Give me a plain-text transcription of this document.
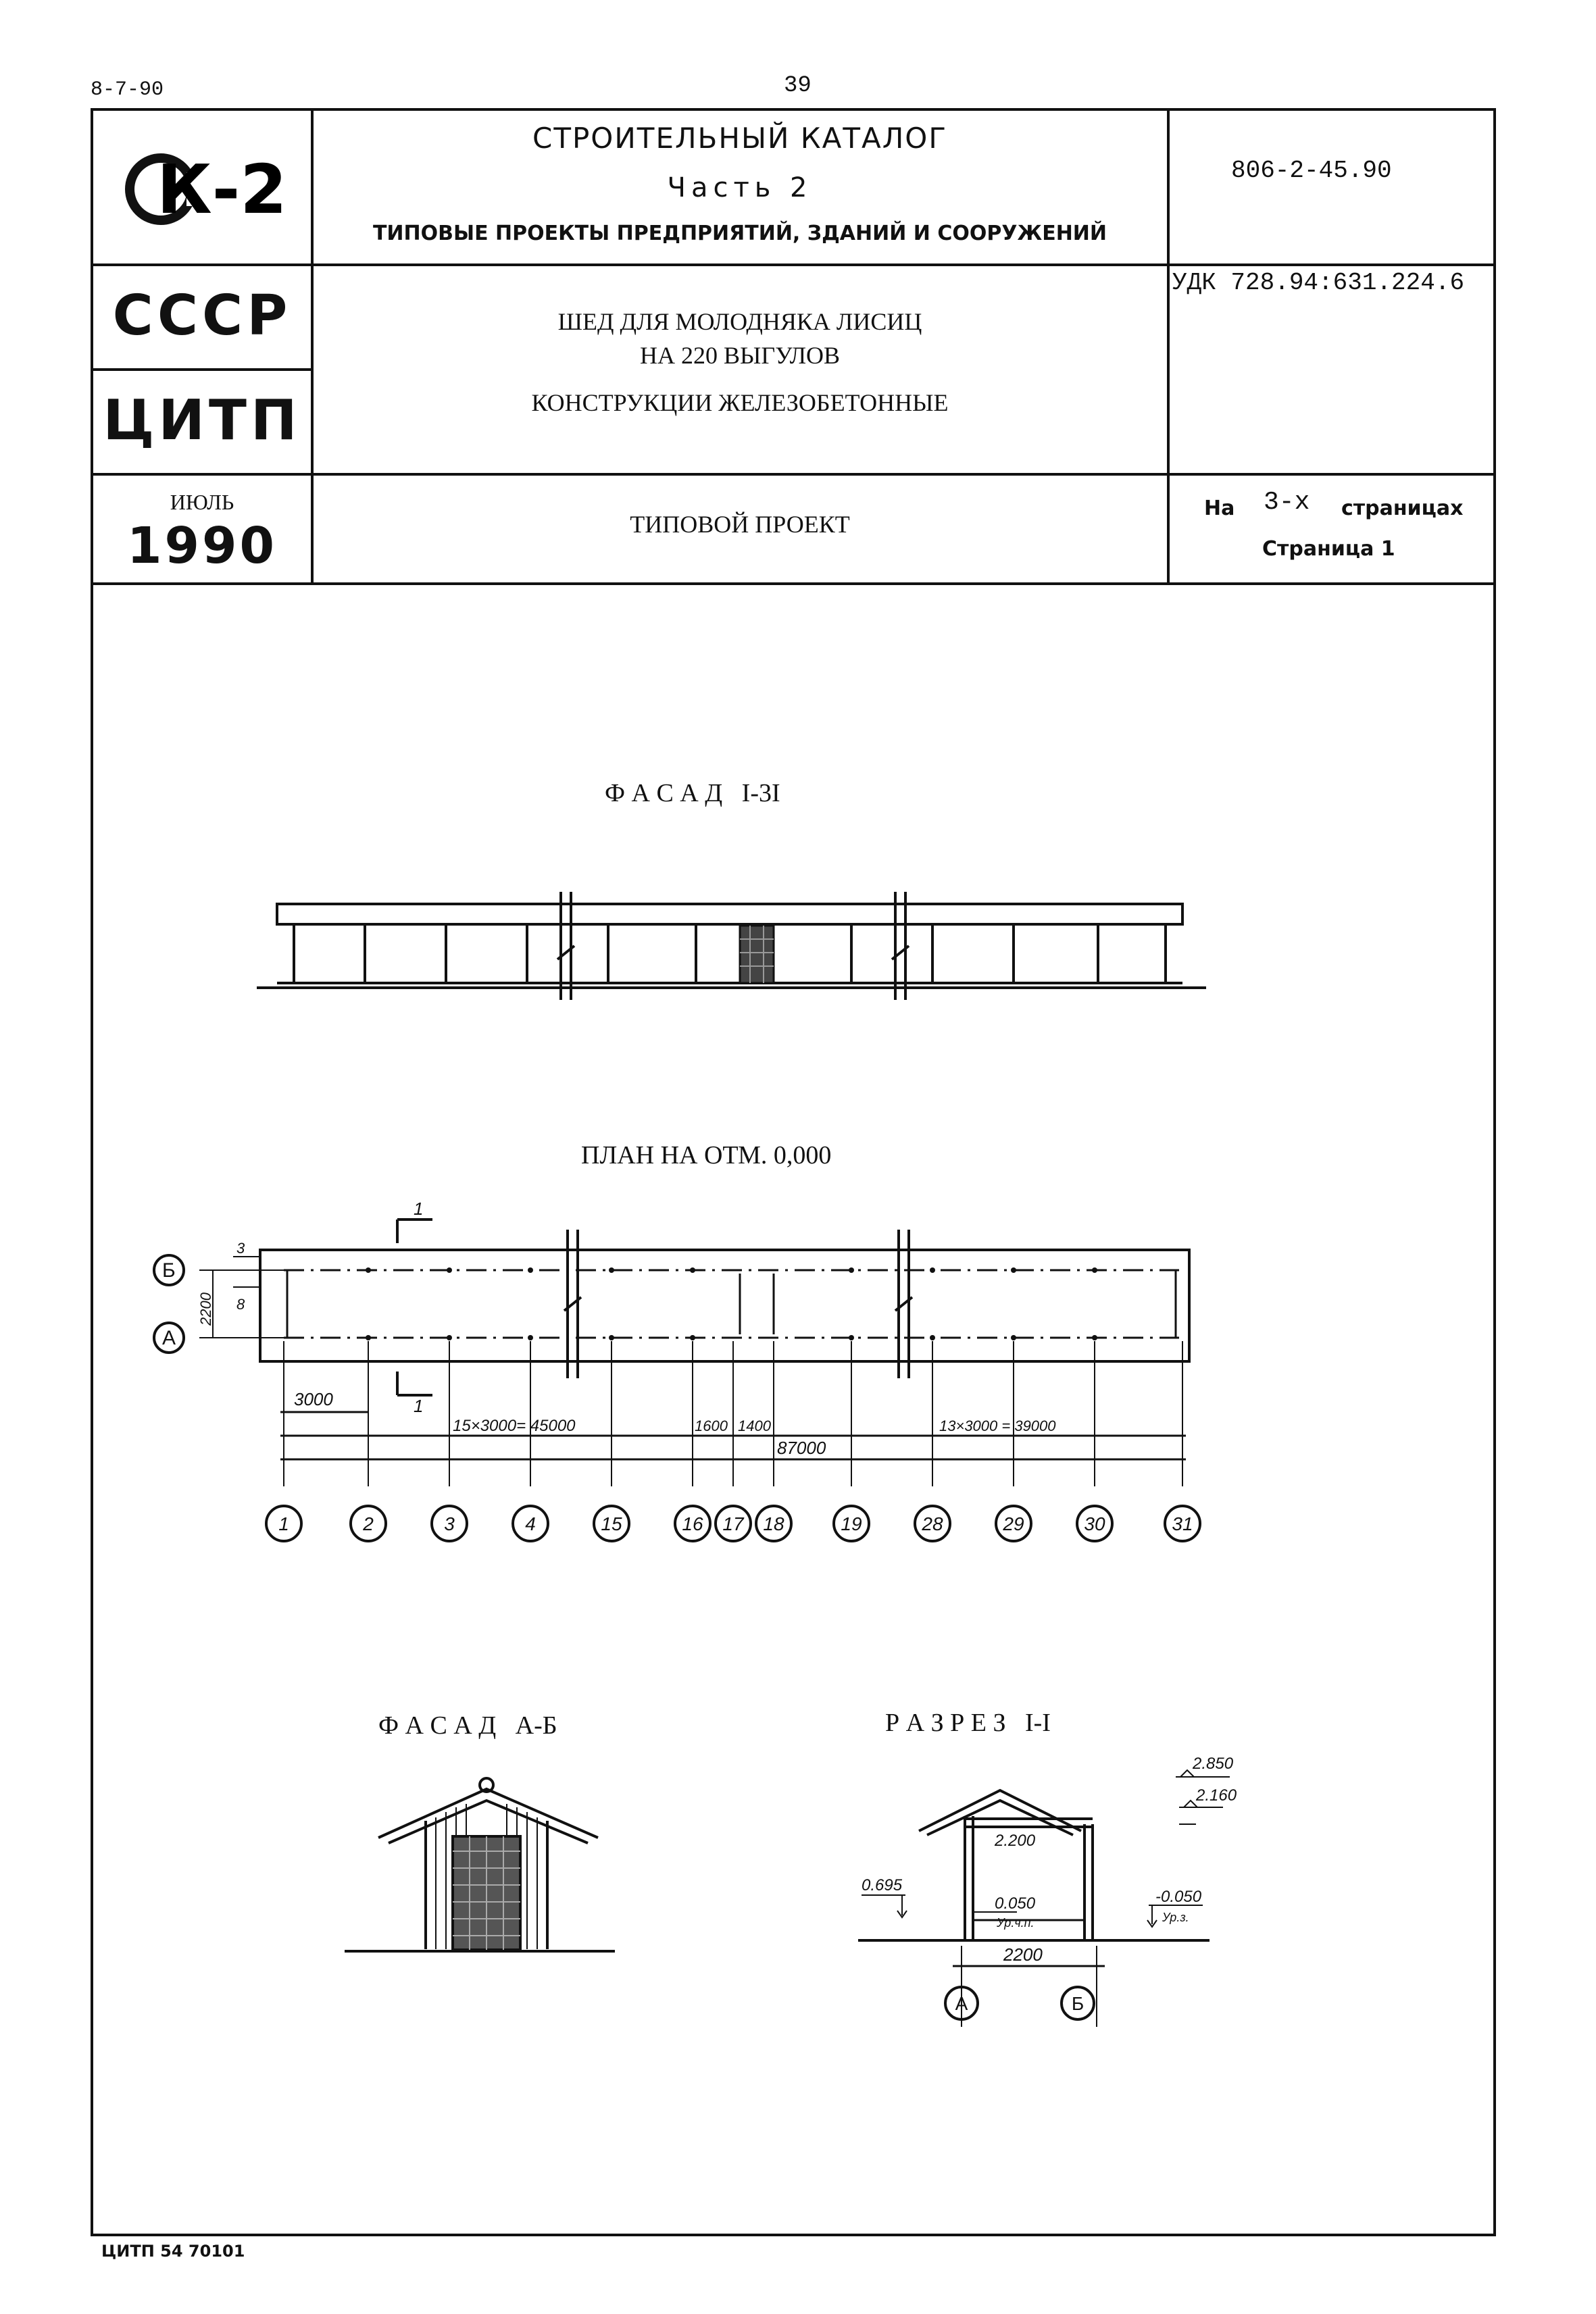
8-7-90	39
К-2
СТРОИТЕЛЬНЫЙ КАТАЛОГ
Часть 2
ТИПОВЫЕ ПРОЕКТЫ ПРЕДПРИЯТИЙ, ЗДАНИЙ И СООРУЖЕНИЙ
806-2-45.90
СССР
ЦИТП
ШЕД ДЛЯ МОЛОДНЯКА ЛИСИЦ
НА 220 ВЫГУЛОВ
КОНСТРУКЦИИ ЖЕЛЕЗОБЕТОННЫЕ
УДК 728.94:631.224.6
ИЮЛЬ
1990	ТИПОВОЙ ПРОЕКТ
На 3-х страницах
Страница 1
Ф А С А Д   I-3I
ПЛАН НА ОТМ. 0,000
1
1
Б
А
3
8
2200
3000
15×3000= 45000	1600 1400	13×3000 = 39000
87000
1	2	3	4	15	16 17 18	19	28	29	30	31
Ф А С А Д   А-Б	Р А З Р Е З   I-I
2.850
2.160
2.200
0.695
0.050
Ур.ч.п.
-0.050
Ур.з.
2200
А	Б
ЦИТП 54 70101
